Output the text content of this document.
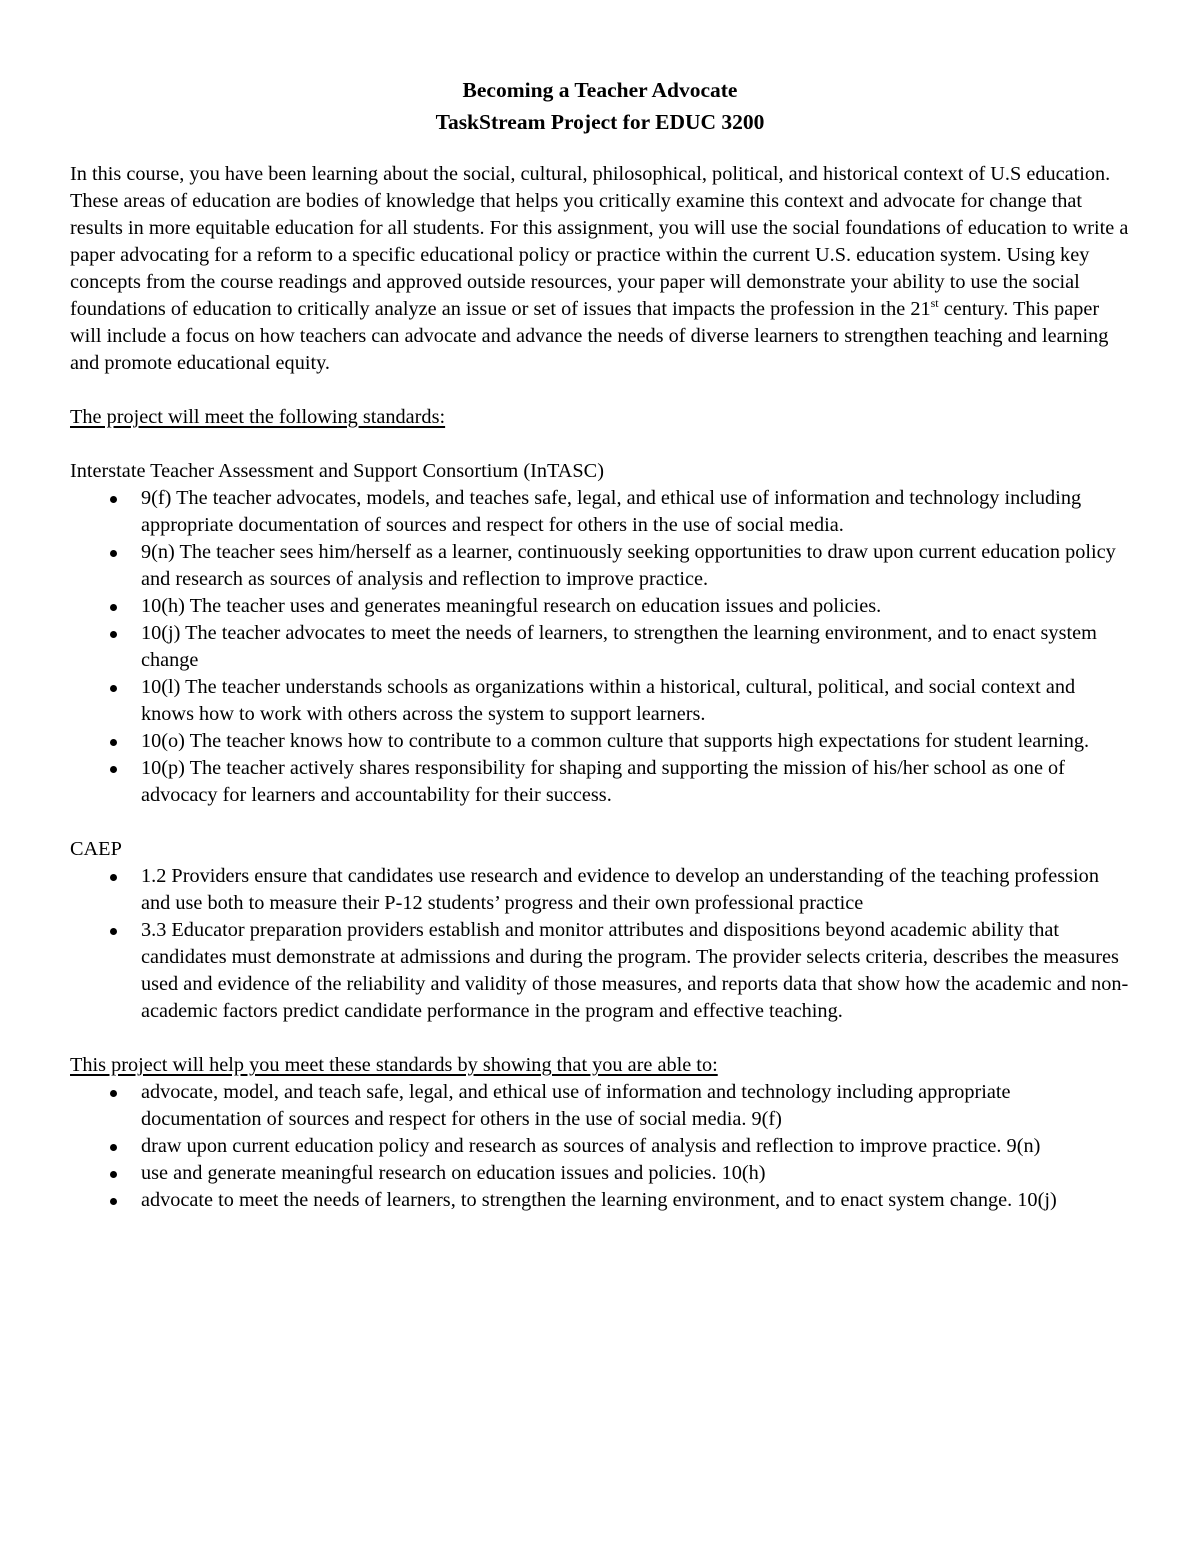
Becoming a Teacher Advocate
TaskStream Project for EDUC 3200

In this course, you have been learning about the social, cultural, philosophical, political, and historical context of U.S education. These areas of education are bodies of knowledge that helps you critically examine this context and advocate for change that results in more equitable education for all students. For this assignment, you will use the social foundations of education to write a paper advocating for a reform to a specific educational policy or practice within the current U.S. education system. Using key concepts from the course readings and approved outside resources, your paper will demonstrate your ability to use the social foundations of education to critically analyze an issue or set of issues that impacts the profession in the 21st century. This paper will include a focus on how teachers can advocate and advance the needs of diverse learners to strengthen teaching and learning and promote educational equity.

The project will meet the following standards:

Interstate Teacher Assessment and Support Consortium (InTASC)

9(f) The teacher advocates, models, and teaches safe, legal, and ethical use of information and technology including appropriate documentation of sources and respect for others in the use of social media.
9(n) The teacher sees him/herself as a learner, continuously seeking opportunities to draw upon current education policy and research as sources of analysis and reflection to improve practice.
10(h) The teacher uses and generates meaningful research on education issues and policies.
10(j) The teacher advocates to meet the needs of learners, to strengthen the learning environment, and to enact system change
10(l) The teacher understands schools as organizations within a historical, cultural, political, and social context and knows how to work with others across the system to support learners.
10(o) The teacher knows how to contribute to a common culture that supports high expectations for student learning.
10(p) The teacher actively shares responsibility for shaping and supporting the mission of his/her school as one of advocacy for learners and accountability for their success.

CAEP

1.2 Providers ensure that candidates use research and evidence to develop an understanding of the teaching profession and use both to measure their P-12 students’ progress and their own professional practice
3.3 Educator preparation providers establish and monitor attributes and dispositions beyond academic ability that candidates must demonstrate at admissions and during the program. The provider selects criteria, describes the measures used and evidence of the reliability and validity of those measures, and reports data that show how the academic and non-academic factors predict candidate performance in the program and effective teaching.

This project will help you meet these standards by showing that you are able to:

advocate, model, and teach safe, legal, and ethical use of information and technology including appropriate documentation of sources and respect for others in the use of social media. 9(f)
draw upon current education policy and research as sources of analysis and reflection to improve practice. 9(n)
use and generate meaningful research on education issues and policies. 10(h)
advocate to meet the needs of learners, to strengthen the learning environment, and to enact system change. 10(j)
